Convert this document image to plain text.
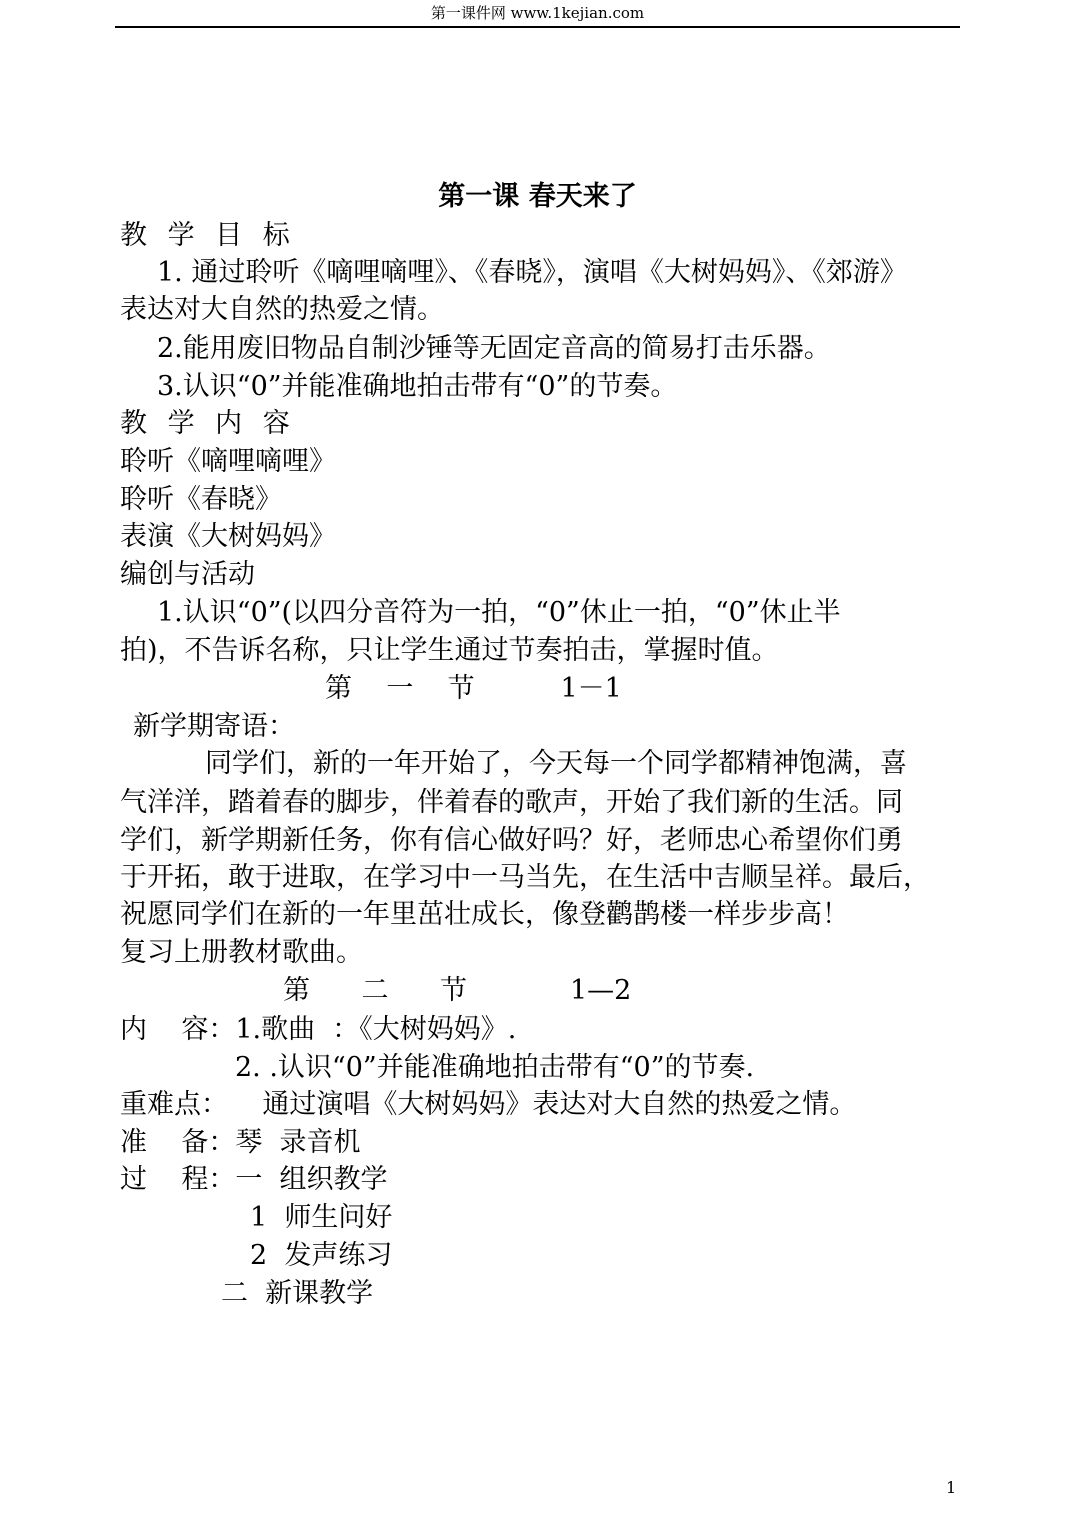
第一课件网 www.1kejian.com
第一课 春天来了
教 学 目 标
1. 通过聆听《嘀哩嘀哩》、《春晓》，演唱《大树妈妈》、《郊游》
表达对大自然的热爱之情。
2.能用废旧物品自制沙锤等无固定音高的简易打击乐器。
3.认识“0”并能准确地拍击带有“0”的节奏。
教 学 内 容
聆听《嘀哩嘀哩》
聆听《春晓》
表演《大树妈妈》
编创与活动
1.认识“0”(以四分音符为一拍，“0”休止一拍，“0”休止半
拍)，不告诉名称，只让学生通过节奏拍击，掌握时值。
第    一    节          1－1
新学期寄语：
同学们，新的一年开始了，今天每一个同学都精神饱满，喜
气洋洋，踏着春的脚步，伴着春的歌声，开始了我们新的生活。同
学们，新学期新任务，你有信心做好吗？好，老师忠心希望你们勇
于开拓，敢于进取，在学习中一马当先，在生活中吉顺呈祥。最后，
祝愿同学们在新的一年里茁壮成长，像登鹳鹊楼一样步步高！
复习上册教材歌曲。
第      二      节            1—2
内    容：1.歌曲  ：《大树妈妈》.
2. .认识“0”并能准确地拍击带有“0”的节奏.
重难点：    通过演唱《大树妈妈》表达对大自然的热爱之情。
准    备：琴  录音机
过    程：一  组织教学
1  师生问好
2  发声练习
二  新课教学
1
